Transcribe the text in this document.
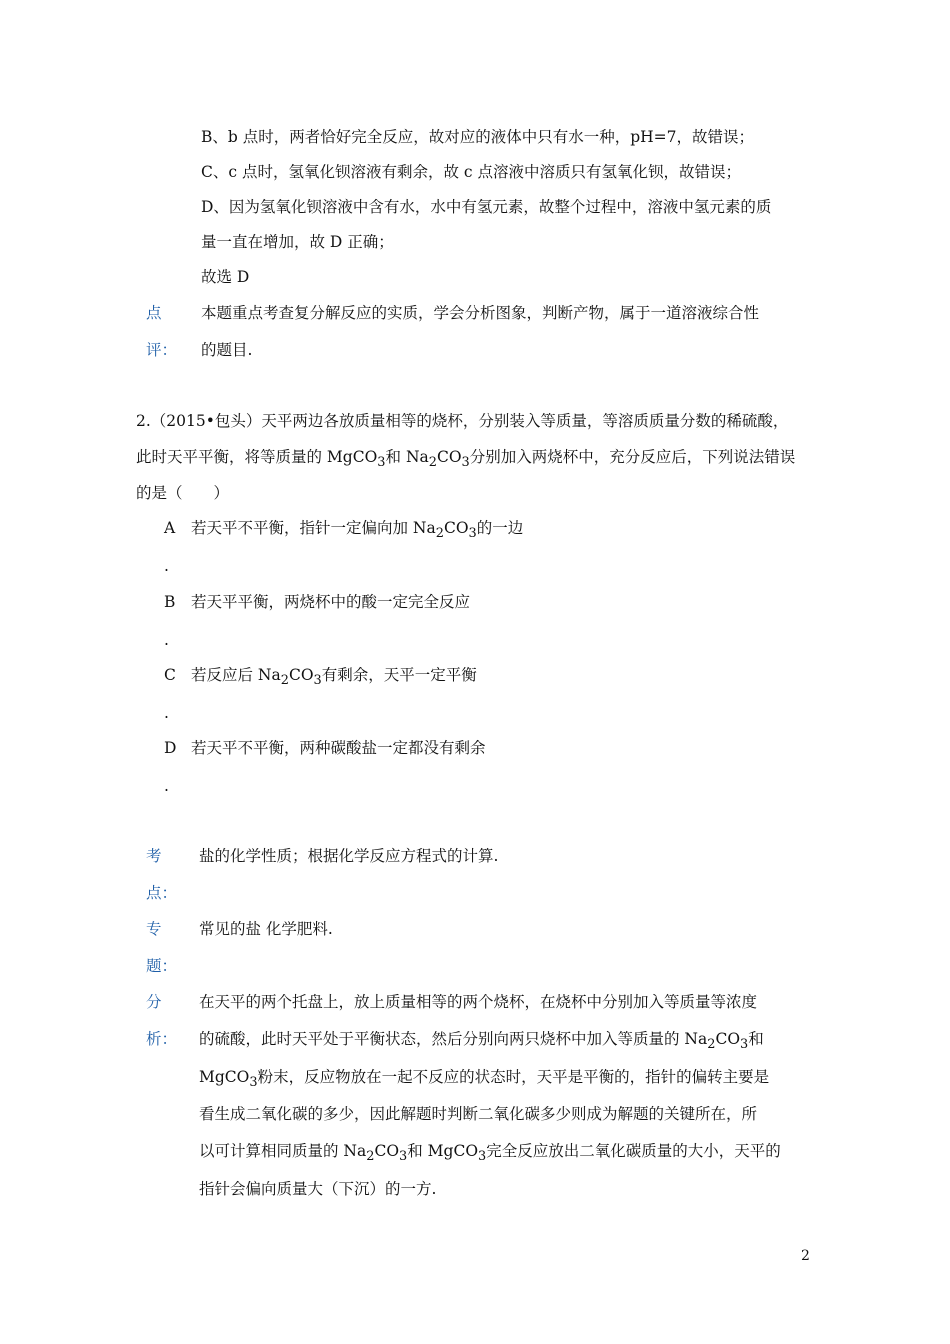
B、b 点时，两者恰好完全反应，故对应的液体中只有水一种，pH=7，故错误；
C、c 点时，氢氧化钡溶液有剩余，故 c 点溶液中溶质只有氢氧化钡，故错误；
D、因为氢氧化钡溶液中含有水，水中有氢元素，故整个过程中，溶液中氢元素的质
量一直在增加，故 D 正确；
故选 D
点
评：
本题重点考查复分解反应的实质，学会分析图象，判断产物，属于一道溶液综合性
的题目.
2.（2015•包头）天平两边各放质量相等的烧杯，分别装入等质量，等溶质质量分数的稀硫酸，
此时天平平衡，将等质量的 MgCO$_3$和 $Na_2CO_3$分别加入两烧杯中，充分反应后，下列说法错误
的是（　　）
A 若天平不平衡，指针一定偏向加 $Na_2CO_3$的一边
.
B 若天平平衡，两烧杯中的酸一定完全反应
.
C 若反应后 $Na_2CO_3$有剩余，天平一定平衡
.
D 若天平不平衡，两种碳酸盐一定都没有剩余
.
考
点：
盐的化学性质；根据化学反应方程式的计算.
专
题：
常见的盐 化学肥料.
分
析：
在天平的两个托盘上，放上质量相等的两个烧杯，在烧杯中分别加入等质量等浓度
的硫酸，此时天平处于平衡状态，然后分别向两只烧杯中加入等质量的 $Na_2CO_3$和
MgCO$_3$粉末，反应物放在一起不反应的状态时，天平是平衡的，指针的偏转主要是
看生成二氧化碳的多少，因此解题时判断二氧化碳多少则成为解题的关键所在，所
以可计算相同质量的 $Na_2CO_3$和 MgCO$_3$完全反应放出二氧化碳质量的大小，天平的
指针会偏向质量大（下沉）的一方.
2
